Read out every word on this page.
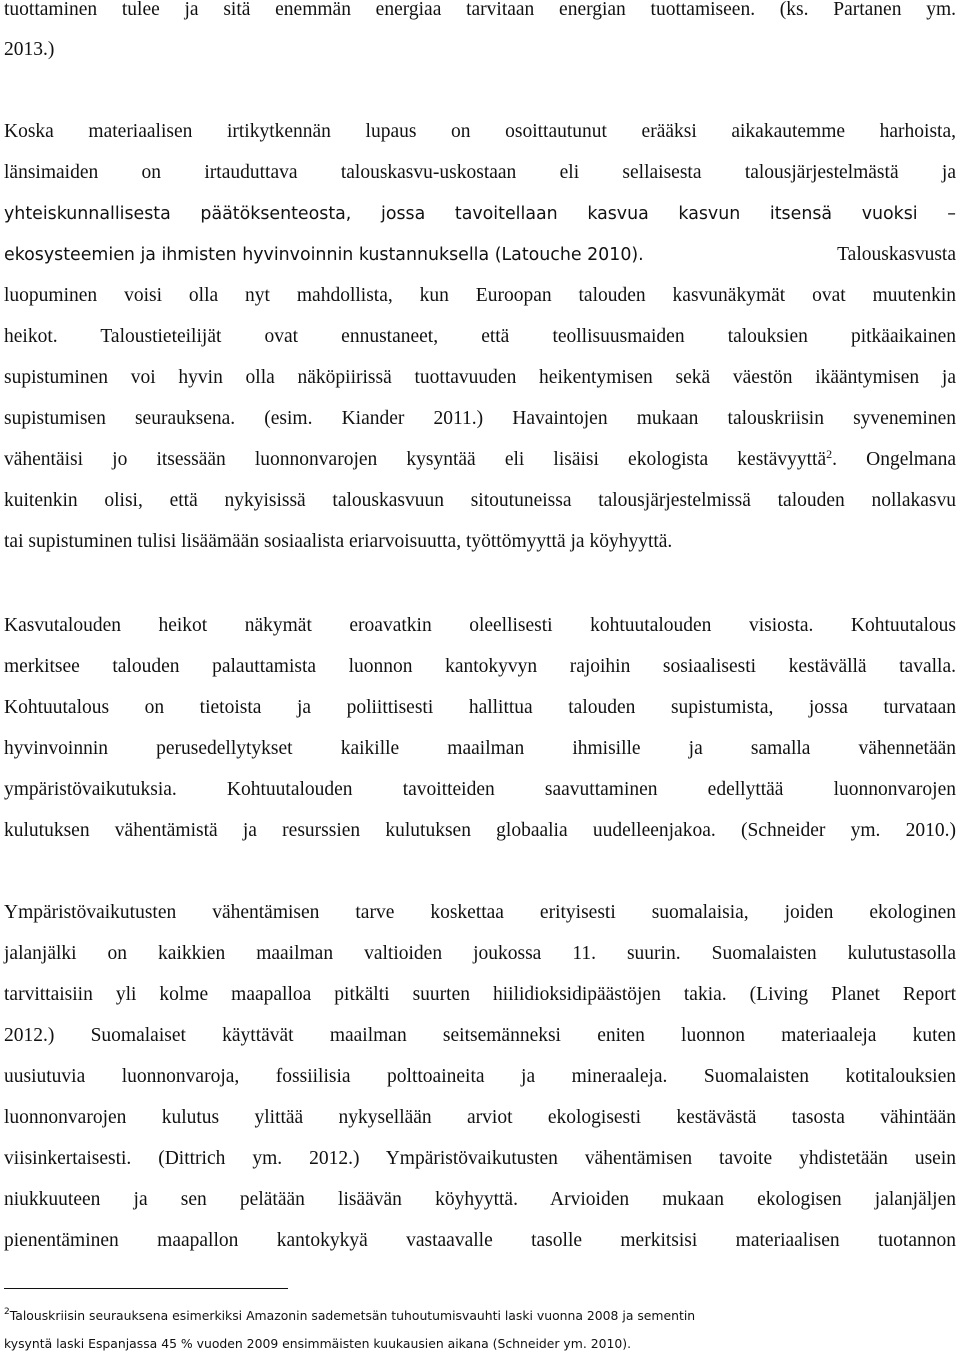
tuottaminen tulee ja sitä enemmän energiaa tarvitaan energian tuottamiseen. (ks. Partanen ym.
2013.)
Koska materiaalisen irtikytkennän lupaus on osoittautunut erääksi aikakautemme harhoista,
länsimaiden on irtauduttava talouskasvu-uskostaan eli sellaisesta talousjärjestelmästä ja
yhteiskunnallisesta päätöksenteosta, jossa tavoitellaan kasvua kasvun itsensä vuoksi –
ekosysteemien ja ihmisten hyvinvoinnin kustannuksella (Latouche 2010).	Talouskasvusta
luopuminen voisi olla nyt mahdollista, kun Euroopan talouden kasvunäkymät ovat muutenkin
heikot. Taloustieteilijät ovat ennustaneet, että teollisuusmaiden talouksien pitkäaikainen
supistuminen voi hyvin olla näköpiirissä tuottavuuden heikentymisen sekä väestön ikääntymisen ja
supistumisen seurauksena. (esim. Kiander 2011.) Havaintojen mukaan talouskriisin syveneminen
vähentäisi jo itsessään luonnonvarojen kysyntää eli lisäisi ekologista kestävyyttä$^2$. Ongelmana
kuitenkin olisi, että nykyisissä talouskasvuun sitoutuneissa talousjärjestelmissä talouden nollakasvu
tai supistuminen tulisi lisäämään sosiaalista eriarvoisuutta, työttömyyttä ja köyhyyttä.
Kasvutalouden heikot näkymät eroavatkin oleellisesti kohtuutalouden visiosta. Kohtuutalous
merkitsee talouden palauttamista luonnon kantokyvyn rajoihin sosiaalisesti kestävällä tavalla.
Kohtuutalous on tietoista ja poliittisesti hallittua talouden supistumista, jossa turvataan
hyvinvoinnin perusedellytykset kaikille maailman ihmisille ja samalla vähennetään
ympäristövaikutuksia. Kohtuutalouden tavoitteiden saavuttaminen edellyttää luonnonvarojen
kulutuksen vähentämistä ja resurssien kulutuksen globaalia uudelleenjakoa. (Schneider ym. 2010.)
Ympäristövaikutusten vähentämisen tarve koskettaa erityisesti suomalaisia, joiden ekologinen
jalanjälki on kaikkien maailman valtioiden joukossa 11. suurin. Suomalaisten kulutustasolla
tarvittaisiin yli kolme maapalloa pitkälti suurten hiilidioksidipäästöjen takia. (Living Planet Report
2012.) Suomalaiset käyttävät maailman seitsemänneksi eniten luonnon materiaaleja kuten
uusiutuvia luonnonvaroja, fossiilisia polttoaineita ja mineraaleja. Suomalaisten kotitalouksien
luonnonvarojen kulutus ylittää nykysellään arviot ekologisesti kestävästä tasosta vähintään
viisinkertaisesti. (Dittrich ym. 2012.) Ympäristövaikutusten vähentämisen tavoite yhdistetään usein
niukkuuteen ja sen pelätään lisäävän köyhyyttä. Arvioiden mukaan ekologisen jalanjäljen
pienentäminen maapallon kantokykyä vastaavalle tasolle merkitsisi materiaalisen tuotannon
$^2$Talouskriisin seurauksena esimerkiksi Amazonin sademetsän tuhoutumisvauhti laski vuonna 2008 ja sementin
kysyntä laski Espanjassa 45 % vuoden 2009 ensimmäisten kuukausien aikana (Schneider ym. 2010).
